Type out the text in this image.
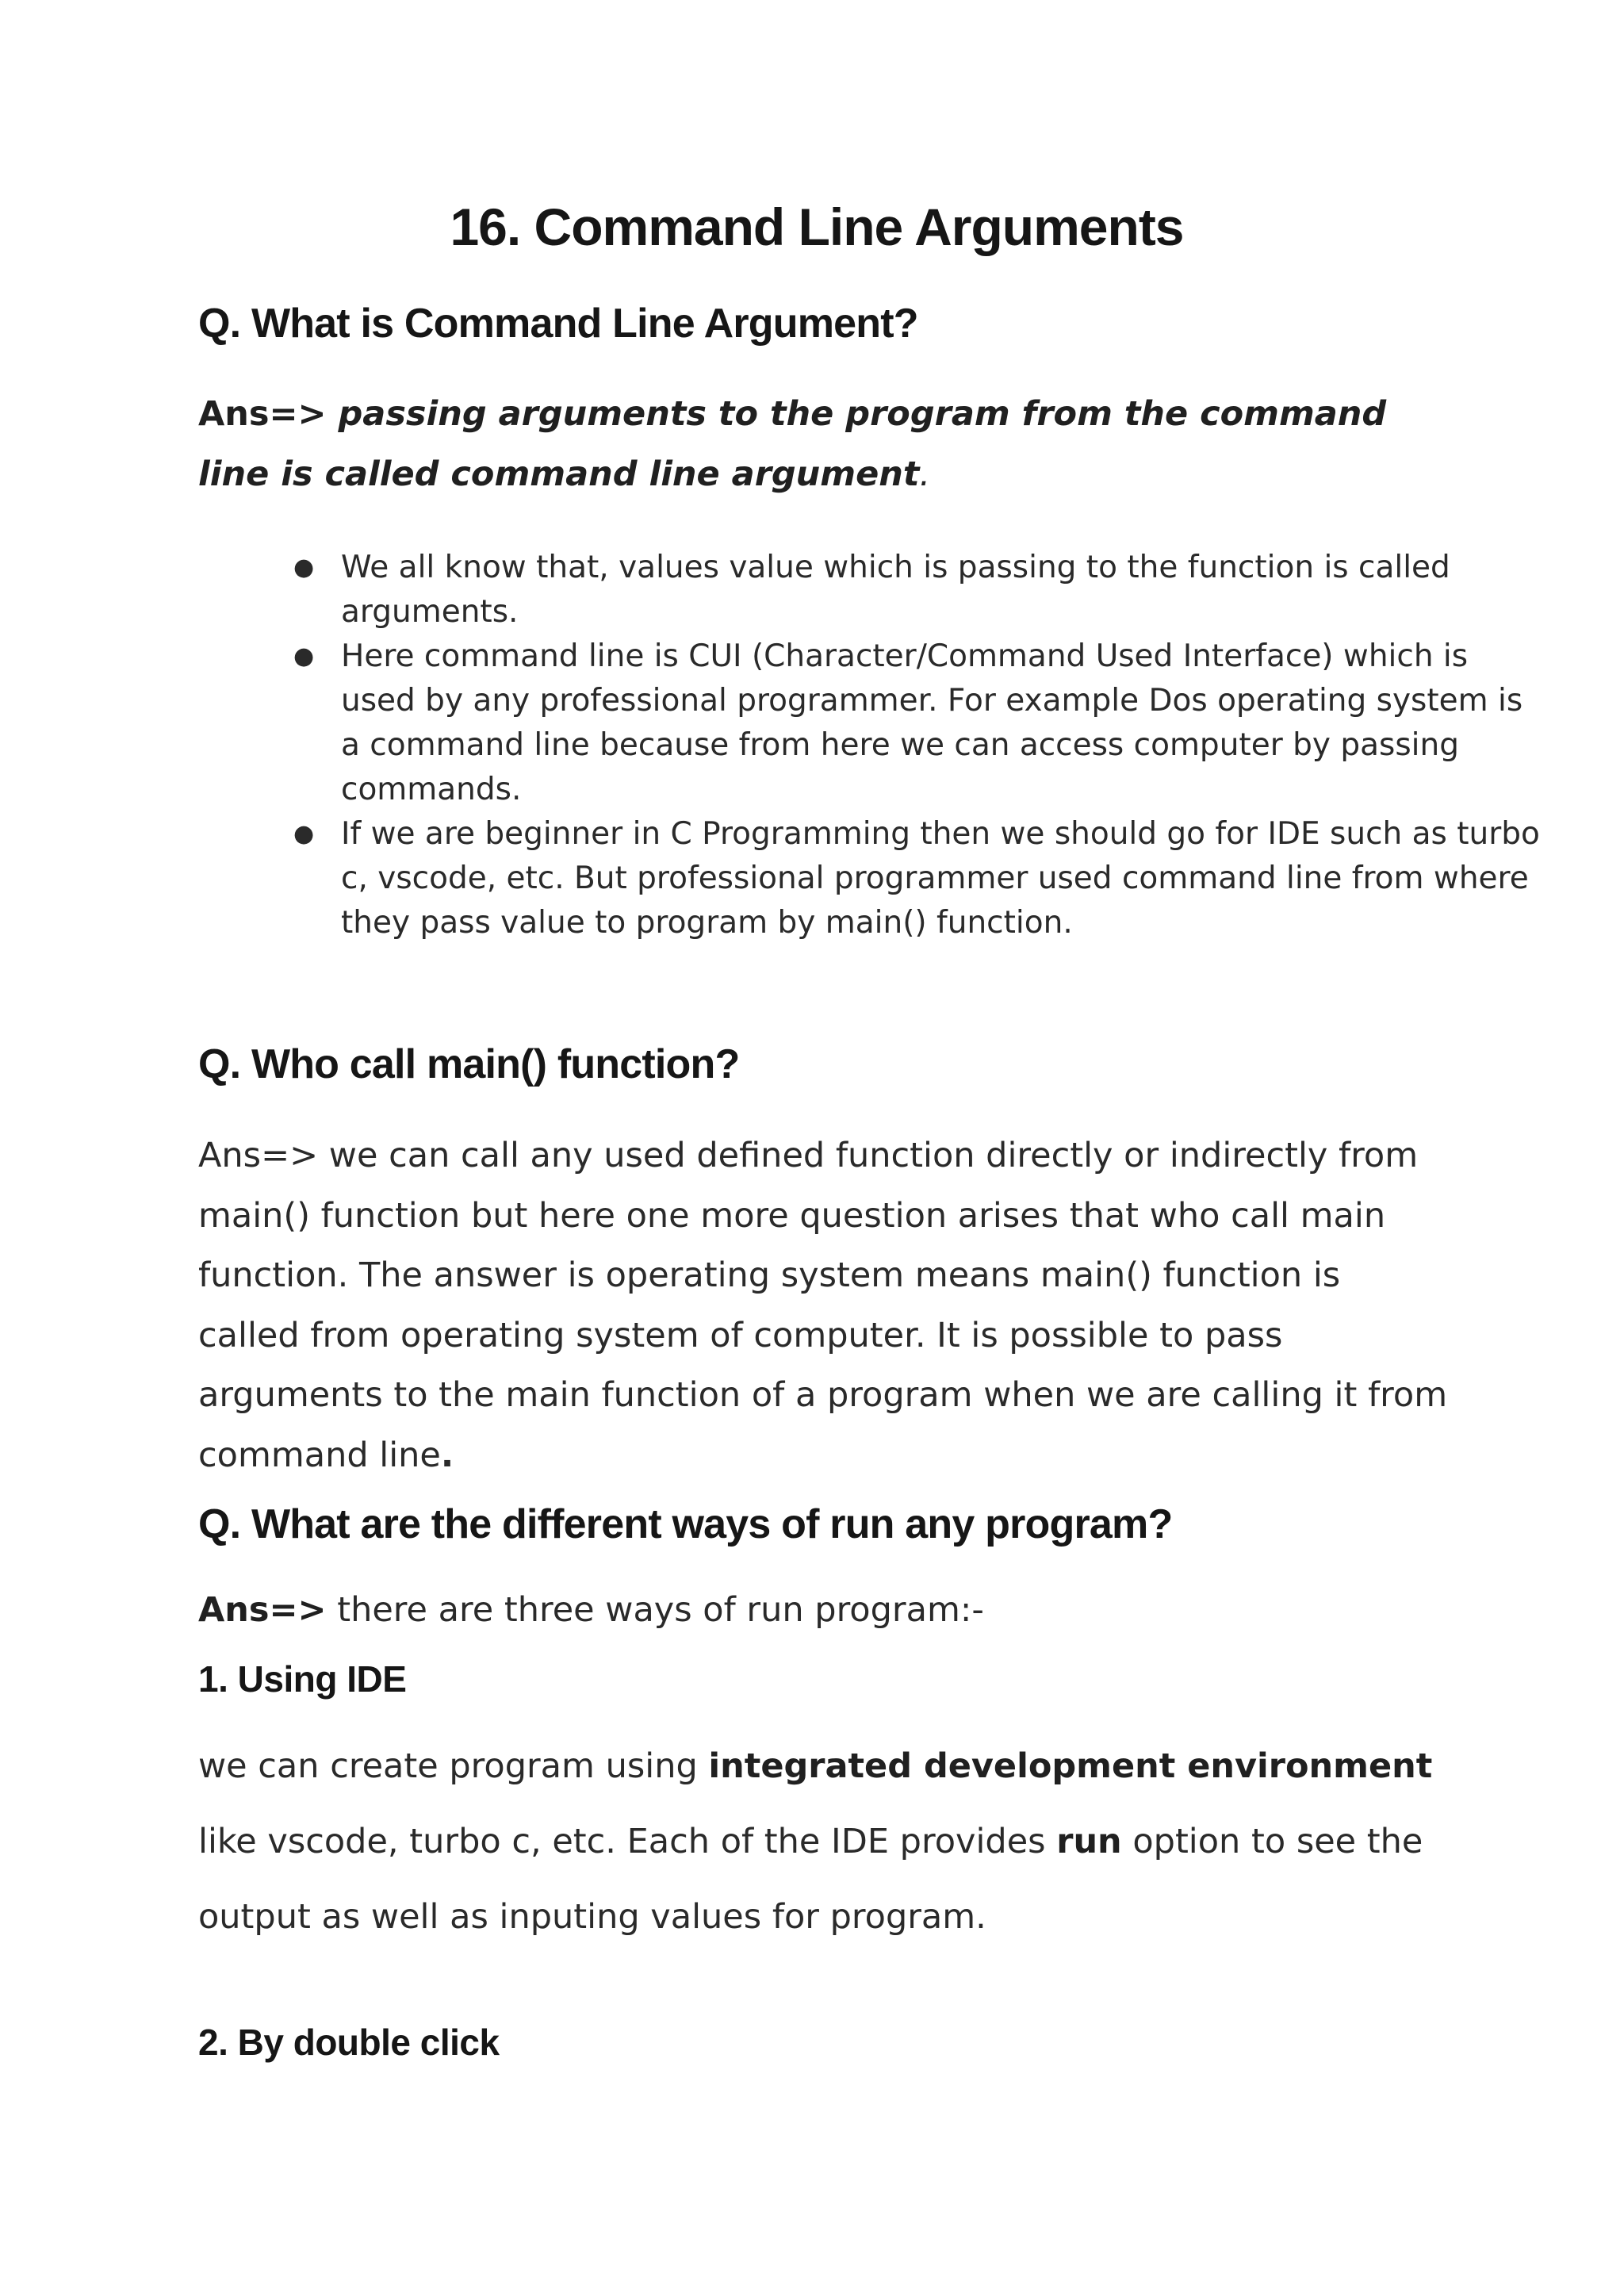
16. Command Line Arguments
Q. What is Command Line Argument?

Ans=> passing arguments to the program from the command line is called command line argument.

● We all know that, values value which is passing to the function is called arguments.
● Here command line is CUI (Character/Command Used Interface) which is used by any professional programmer. For example Dos operating system is a command line because from here we can access computer by passing commands.
● If we are beginner in C Programming then we should go for IDE such as turbo c, vscode, etc. But professional programmer used command line from where they pass value to program by main() function.
Q. Who call main() function?

Ans=> we can call any used defined function directly or indirectly from main() function but here one more question arises that who call main function. The answer is operating system means main() function is called from operating system of computer. It is possible to pass arguments to the main function of a program when we are calling it from command line.

Q. What are the different ways of run any program?

Ans=> there are three ways of run program:-

1. Using IDE

we can create program using integrated development environment like vscode, turbo c, etc. Each of the IDE provides run option to see the output as well as inputing values for program.

2. By double click
